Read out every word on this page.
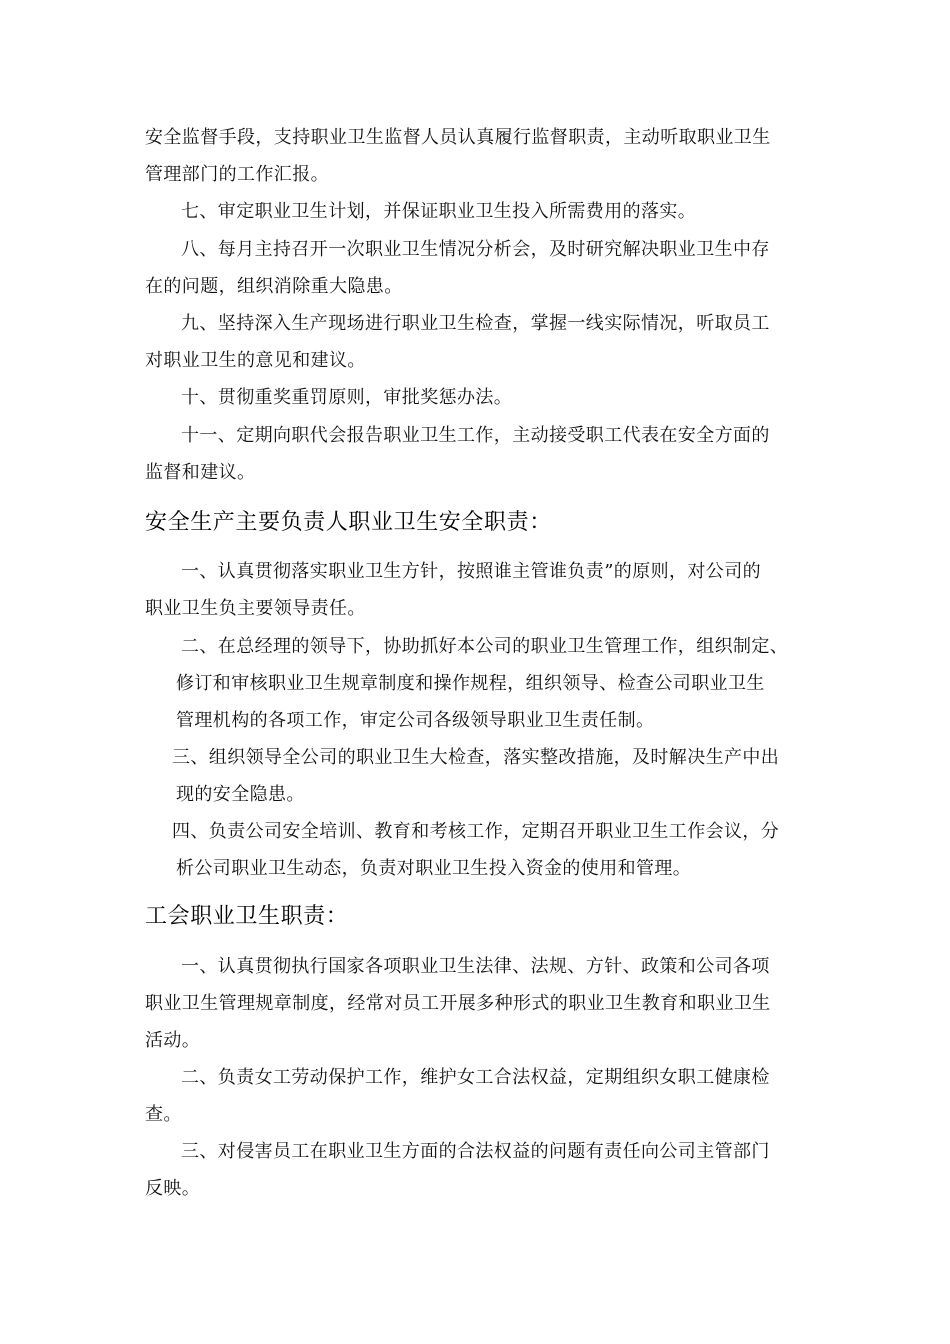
安全监督手段，支持职业卫生监督人员认真履行监督职责，主动听取职业卫生
管理部门的工作汇报。
七、审定职业卫生计划，并保证职业卫生投入所需费用的落实。
八、每月主持召开一次职业卫生情况分析会，及时研究解决职业卫生中存
在的问题，组织消除重大隐患。
九、坚持深入生产现场进行职业卫生检查，掌握一线实际情况，听取员工
对职业卫生的意见和建议。
十、贯彻重奖重罚原则，审批奖惩办法。
十一、定期向职代会报告职业卫生工作，主动接受职工代表在安全方面的
监督和建议。
安全生产主要负责人职业卫生安全职责：
一、认真贯彻落实职业卫生方针，按照谁主管谁负责”的原则，对公司的
职业卫生负主要领导责任。
二、在总经理的领导下，协助抓好本公司的职业卫生管理工作，组织制定、
修订和审核职业卫生规章制度和操作规程，组织领导、检查公司职业卫生
管理机构的各项工作，审定公司各级领导职业卫生责任制。
三、组织领导全公司的职业卫生大检查，落实整改措施，及时解决生产中出
现的安全隐患。
四、负责公司安全培训、教育和考核工作，定期召开职业卫生工作会议，分
析公司职业卫生动态，负责对职业卫生投入资金的使用和管理。
工会职业卫生职责：
一、认真贯彻执行国家各项职业卫生法律、法规、方针、政策和公司各项
职业卫生管理规章制度，经常对员工开展多种形式的职业卫生教育和职业卫生
活动。
二、负责女工劳动保护工作，维护女工合法权益，定期组织女职工健康检
查。
三、对侵害员工在职业卫生方面的合法权益的问题有责任向公司主管部门
反映。
